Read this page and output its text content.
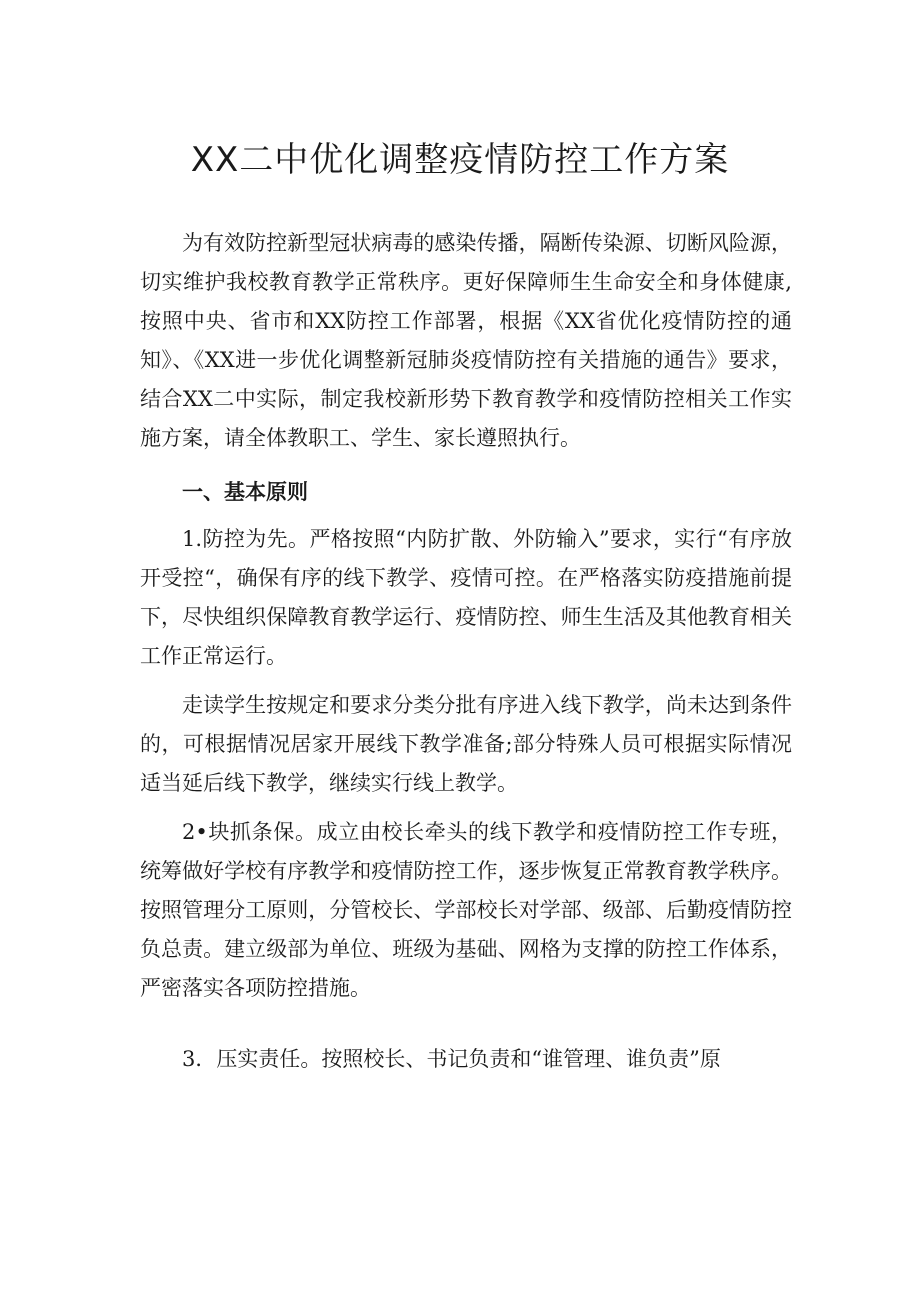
XX二中优化调整疫情防控工作方案

为有效防控新型冠状病毒的感染传播，隔断传染源、切断风险源，切实维护我校教育教学正常秩序。更好保障师生生命安全和身体健康,按照中央、省市和XX防控工作部署，根据《XX省优化疫情防控的通知》、《XX进一步优化调整新冠肺炎疫情防控有关措施的通告》要求，结合XX二中实际，制定我校新形势下教育教学和疫情防控相关工作实施方案，请全体教职工、学生、家长遵照执行。

一、基本原则

1.防控为先。严格按照“内防扩散、外防输入”要求，实行“有序放开受控“，确保有序的线下教学、疫情可控。在严格落实防疫措施前提下，尽快组织保障教育教学运行、疫情防控、师生生活及其他教育相关工作正常运行。

走读学生按规定和要求分类分批有序进入线下教学，尚未达到条件的，可根据情况居家开展线下教学准备;部分特殊人员可根据实际情况适当延后线下教学，继续实行线上教学。

2•块抓条保。成立由校长牵头的线下教学和疫情防控工作专班，统筹做好学校有序教学和疫情防控工作，逐步恢复正常教育教学秩序。按照管理分工原则，分管校长、学部校长对学部、级部、后勤疫情防控负总责。建立级部为单位、班级为基础、网格为支撑的防控工作体系，严密落实各项防控措施。

3．压实责任。按照校长、书记负责和“谁管理、谁负责”原
